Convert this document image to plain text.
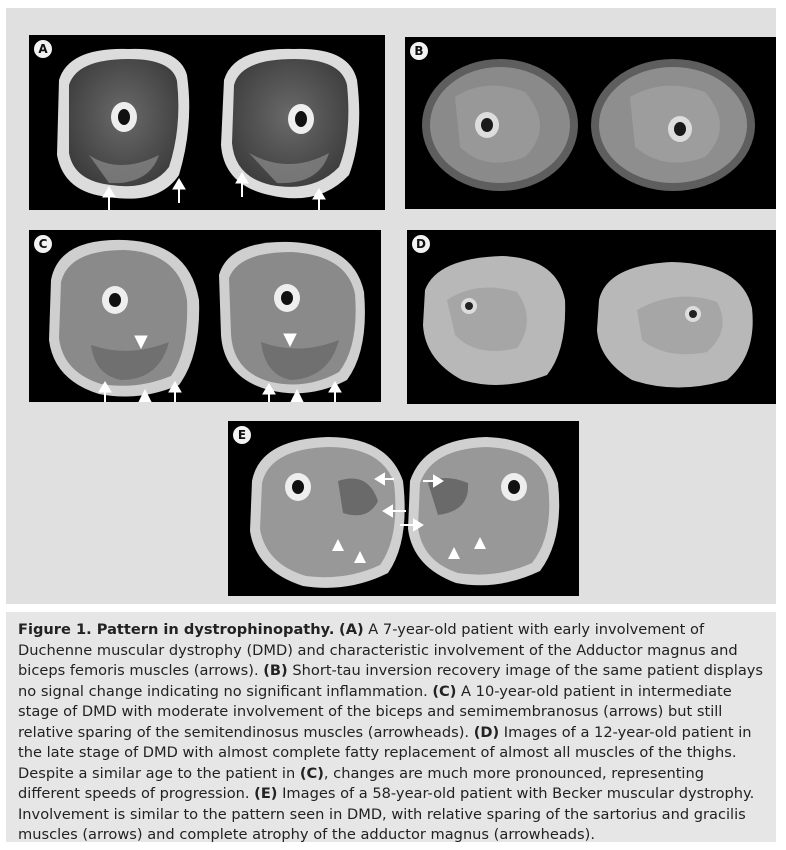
A	B
C	D
E
Figure 1. Pattern in dystrophinopathy. (A) A 7-year-old patient with early involvement of Duchenne muscular dystrophy (DMD) and characteristic involvement of the Adductor magnus and biceps femoris muscles (arrows). (B) Short-tau inversion recovery image of the same patient displays no signal change indicating no significant inflammation. (C) A 10-year-old patient in intermediate stage of DMD with moderate involvement of the biceps and semimembranosus (arrows) but still relative sparing of the semitendinosus muscles (arrowheads). (D) Images of a 12-year-old patient in the late stage of DMD with almost complete fatty replacement of almost all muscles of the thighs. Despite a similar age to the patient in (C), changes are much more pronounced, representing different speeds of progression. (E) Images of a 58-year-old patient with Becker muscular dystrophy. Involvement is similar to the pattern seen in DMD, with relative sparing of the sartorius and gracilis muscles (arrows) and complete atrophy of the adductor magnus (arrowheads).
